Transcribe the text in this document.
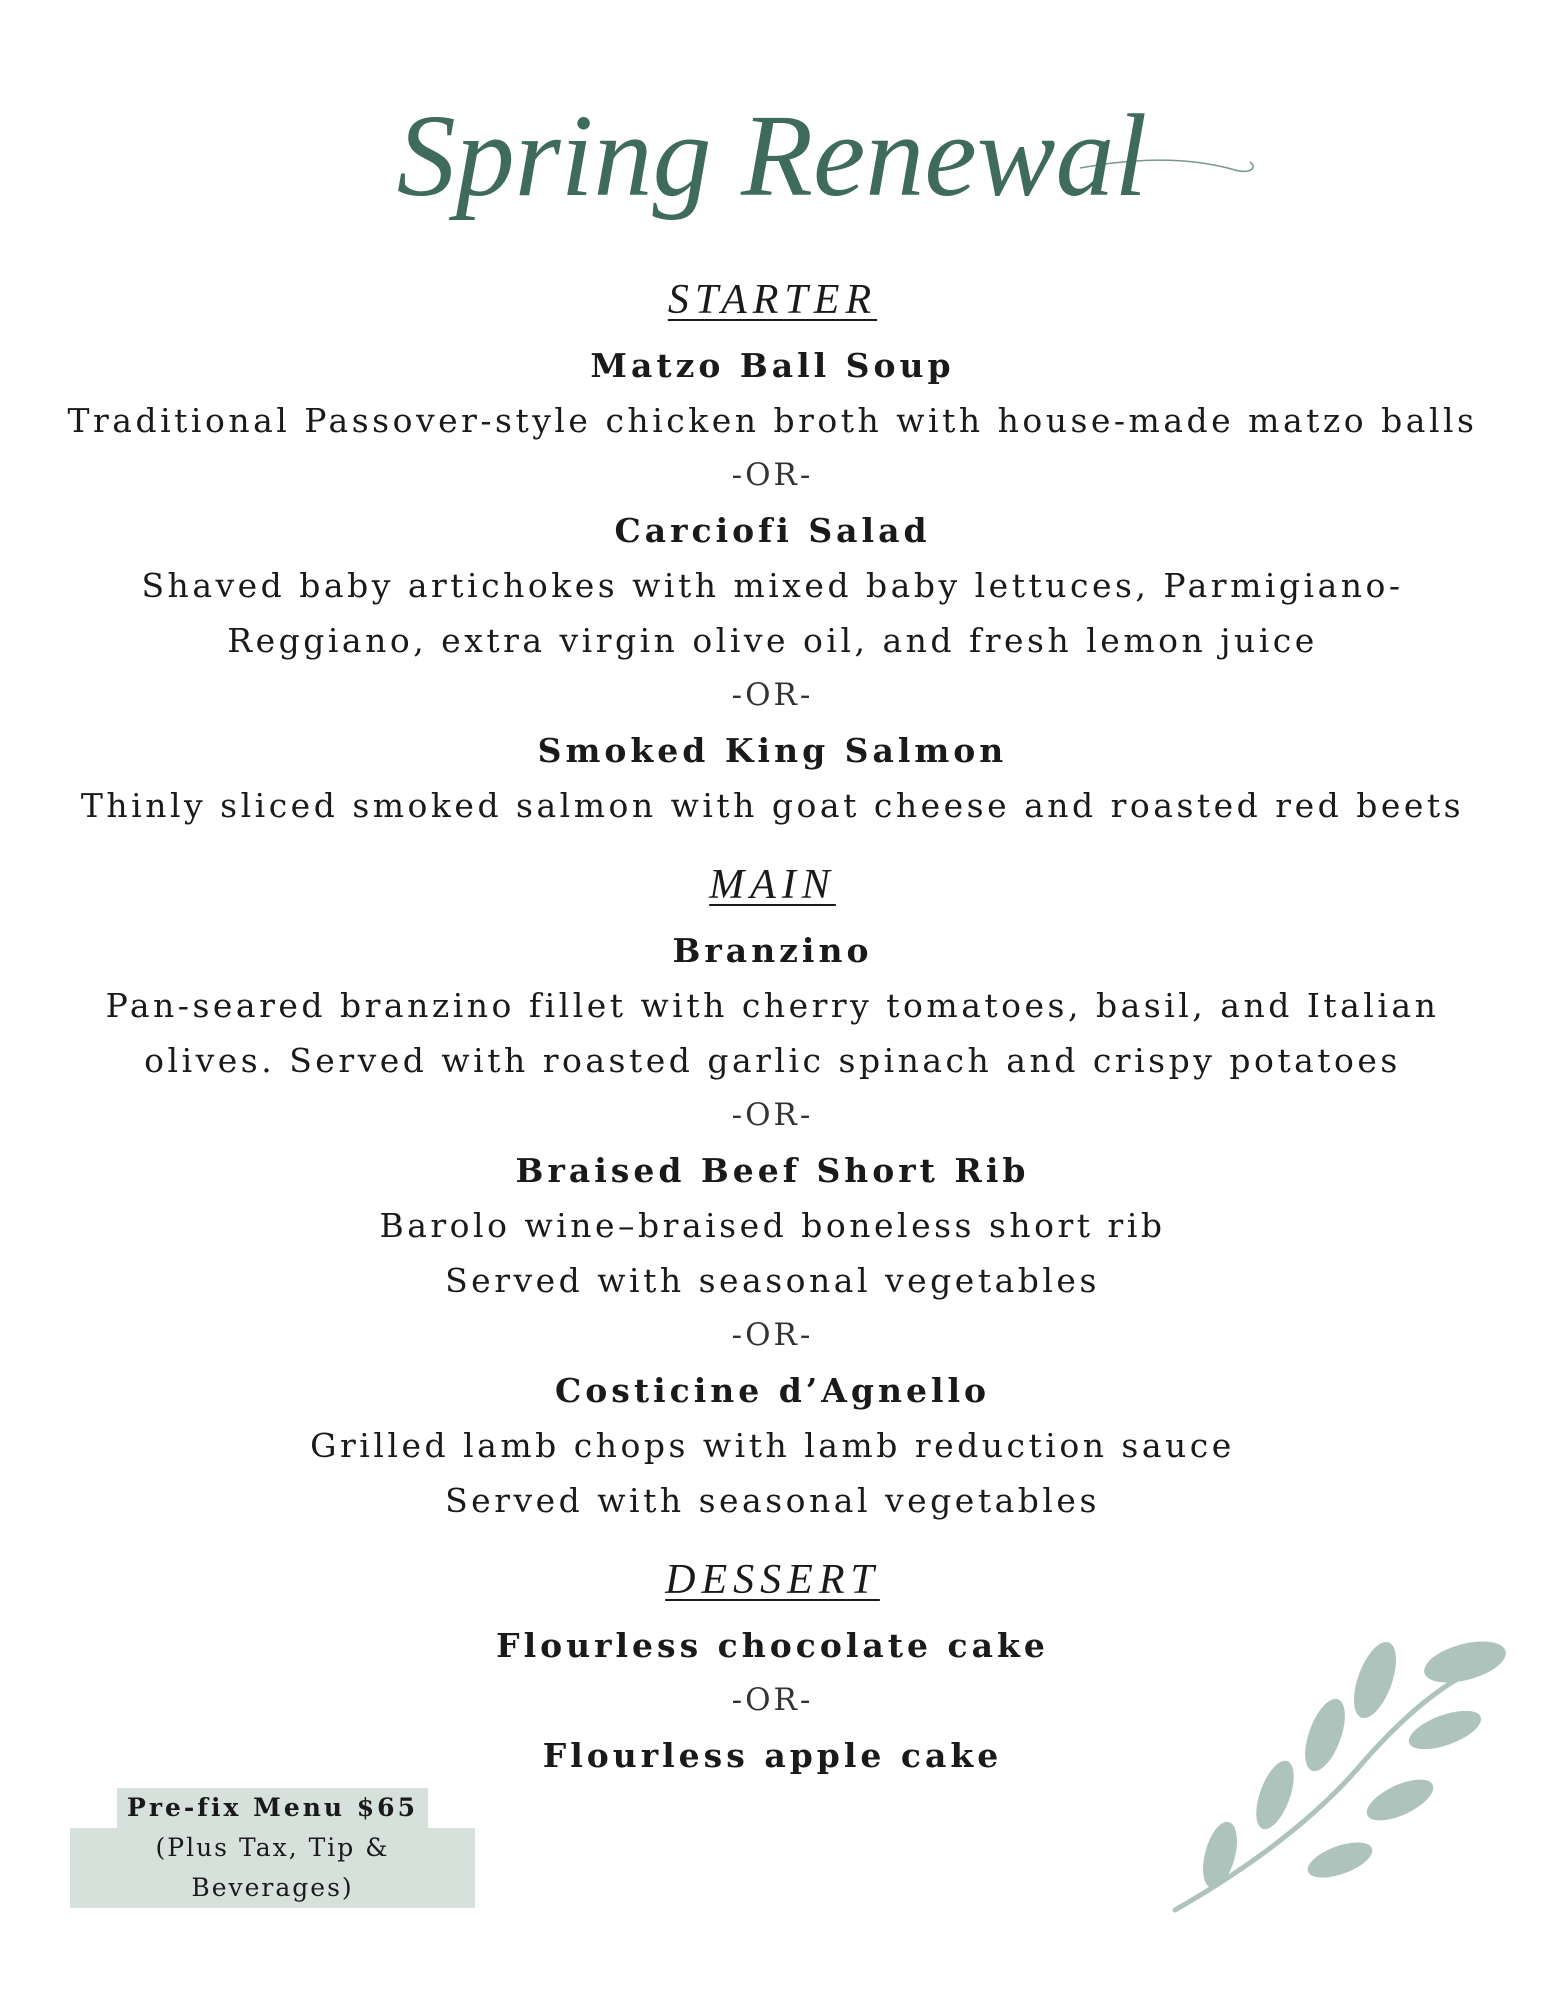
Spring Renewal
STARTER

Matzo Ball Soup

Traditional Passover-style chicken broth with house-made matzo balls

-OR-

Carciofi Salad

Shaved baby artichokes with mixed baby lettuces, Parmigiano-

Reggiano, extra virgin olive oil, and fresh lemon juice

-OR-

Smoked King Salmon

Thinly sliced smoked salmon with goat cheese and roasted red beets

MAIN

Branzino

Pan-seared branzino fillet with cherry tomatoes, basil, and Italian

olives. Served with roasted garlic spinach and crispy potatoes

-OR-

Braised Beef Short Rib

Barolo wine–braised boneless short rib

Served with seasonal vegetables

-OR-

Costicine d’Agnello

Grilled lamb chops with lamb reduction sauce

Served with seasonal vegetables

DESSERT

Flourless chocolate cake

-OR-

Flourless apple cake

Pre-fix Menu $65
(Plus Tax, Tip & Beverages)
